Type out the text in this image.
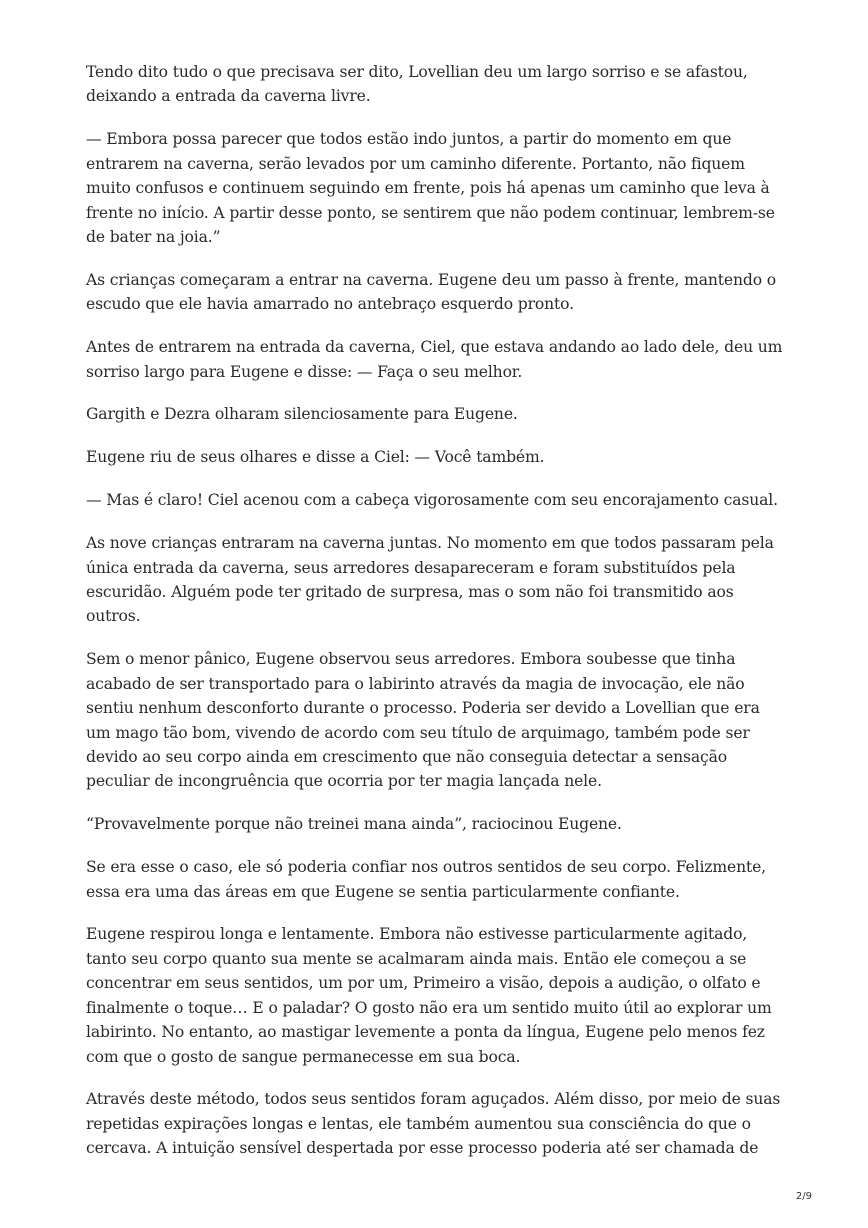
Tendo dito tudo o que precisava ser dito, Lovellian deu um largo sorriso e se afastou, deixando a entrada da caverna livre.

— Embora possa parecer que todos estão indo juntos, a partir do momento em que entrarem na caverna, serão levados por um caminho diferente. Portanto, não fiquem muito confusos e continuem seguindo em frente, pois há apenas um caminho que leva à frente no início. A partir desse ponto, se sentirem que não podem continuar, lembrem-se de bater na joia.”

As crianças começaram a entrar na caverna. Eugene deu um passo à frente, mantendo o escudo que ele havia amarrado no antebraço esquerdo pronto.

Antes de entrarem na entrada da caverna, Ciel, que estava andando ao lado dele, deu um sorriso largo para Eugene e disse: — Faça o seu melhor.

Gargith e Dezra olharam silenciosamente para Eugene.

Eugene riu de seus olhares e disse a Ciel: — Você também.

— Mas é claro! Ciel acenou com a cabeça vigorosamente com seu encorajamento casual.

As nove crianças entraram na caverna juntas. No momento em que todos passaram pela única entrada da caverna, seus arredores desapareceram e foram substituídos pela escuridão. Alguém pode ter gritado de surpresa, mas o som não foi transmitido aos outros.

Sem o menor pânico, Eugene observou seus arredores. Embora soubesse que tinha acabado de ser transportado para o labirinto através da magia de invocação, ele não sentiu nenhum desconforto durante o processo. Poderia ser devido a Lovellian que era um mago tão bom, vivendo de acordo com seu título de arquimago, também pode ser devido ao seu corpo ainda em crescimento que não conseguia detectar a sensação peculiar de incongruência que ocorria por ter magia lançada nele.

“Provavelmente porque não treinei mana ainda”, raciocinou Eugene.

Se era esse o caso, ele só poderia confiar nos outros sentidos de seu corpo. Felizmente, essa era uma das áreas em que Eugene se sentia particularmente confiante.

Eugene respirou longa e lentamente. Embora não estivesse particularmente agitado, tanto seu corpo quanto sua mente se acalmaram ainda mais. Então ele começou a se concentrar em seus sentidos, um por um, Primeiro a visão, depois a audição, o olfato e finalmente o toque… E o paladar? O gosto não era um sentido muito útil ao explorar um labirinto. No entanto, ao mastigar levemente a ponta da língua, Eugene pelo menos fez com que o gosto de sangue permanecesse em sua boca.

Através deste método, todos seus sentidos foram aguçados. Além disso, por meio de suas repetidas expirações longas e lentas, ele também aumentou sua consciência do que o cercava. A intuição sensível despertada por esse processo poderia até ser chamada de

2/9
